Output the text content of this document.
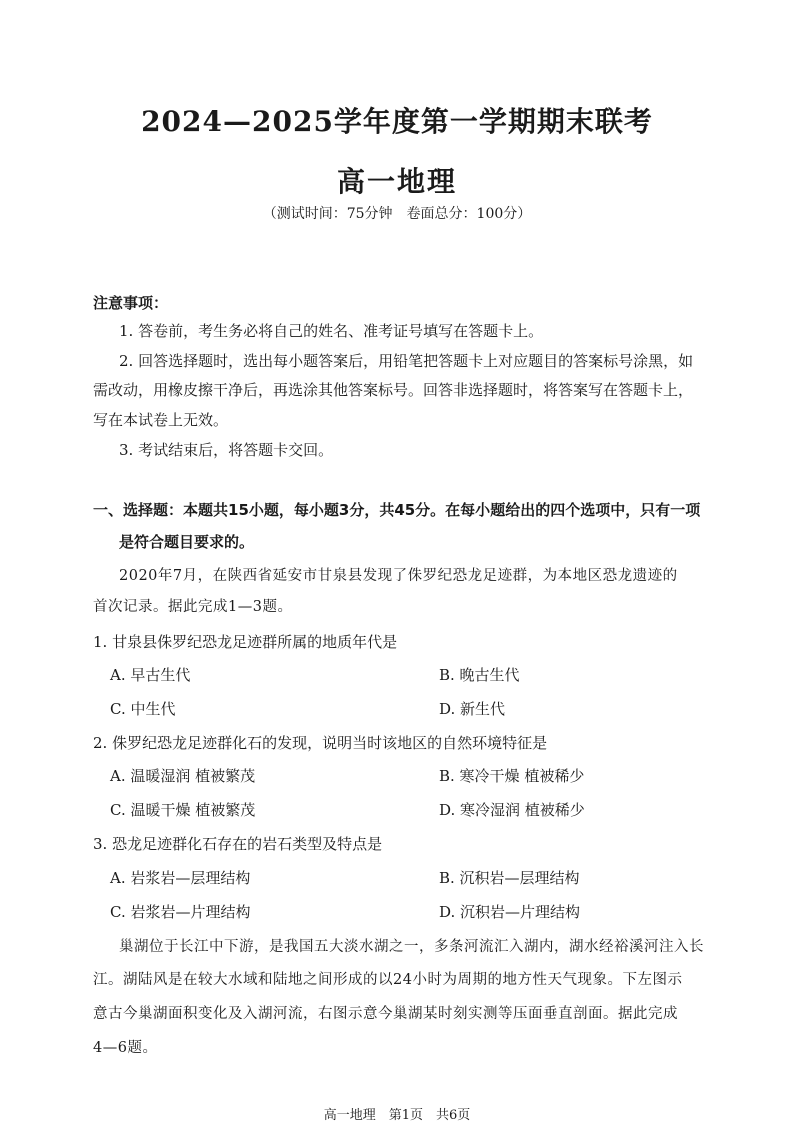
2024—2025学年度第一学期期末联考
高一地理
（测试时间：75分钟　卷面总分：100分）
注意事项：
1. 答卷前，考生务必将自己的姓名、准考证号填写在答题卡上。
2. 回答选择题时，选出每小题答案后，用铅笔把答题卡上对应题目的答案标号涂黑，如
需改动，用橡皮擦干净后，再选涂其他答案标号。回答非选择题时，将答案写在答题卡上，
写在本试卷上无效。
3. 考试结束后，将答题卡交回。
一、选择题：本题共15小题，每小题3分，共45分。在每小题给出的四个选项中，只有一项
是符合题目要求的。
2020年7月，在陕西省延安市甘泉县发现了侏罗纪恐龙足迹群，为本地区恐龙遗迹的
首次记录。据此完成1—3题。
1. 甘泉县侏罗纪恐龙足迹群所属的地质年代是
A. 早古生代	B. 晚古生代
C. 中生代	D. 新生代
2. 侏罗纪恐龙足迹群化石的发现，说明当时该地区的自然环境特征是
A. 温暖湿润 植被繁茂	B. 寒冷干燥 植被稀少
C. 温暖干燥 植被繁茂	D. 寒冷湿润 植被稀少
3. 恐龙足迹群化石存在的岩石类型及特点是
A. 岩浆岩—层理结构	B. 沉积岩—层理结构
C. 岩浆岩—片理结构	D. 沉积岩—片理结构
巢湖位于长江中下游，是我国五大淡水湖之一，多条河流汇入湖内，湖水经裕溪河注入长
江。湖陆风是在较大水域和陆地之间形成的以24小时为周期的地方性天气现象。下左图示
意古今巢湖面积变化及入湖河流，右图示意今巢湖某时刻实测等压面垂直剖面。据此完成
4—6题。
高一地理　第1页　共6页
